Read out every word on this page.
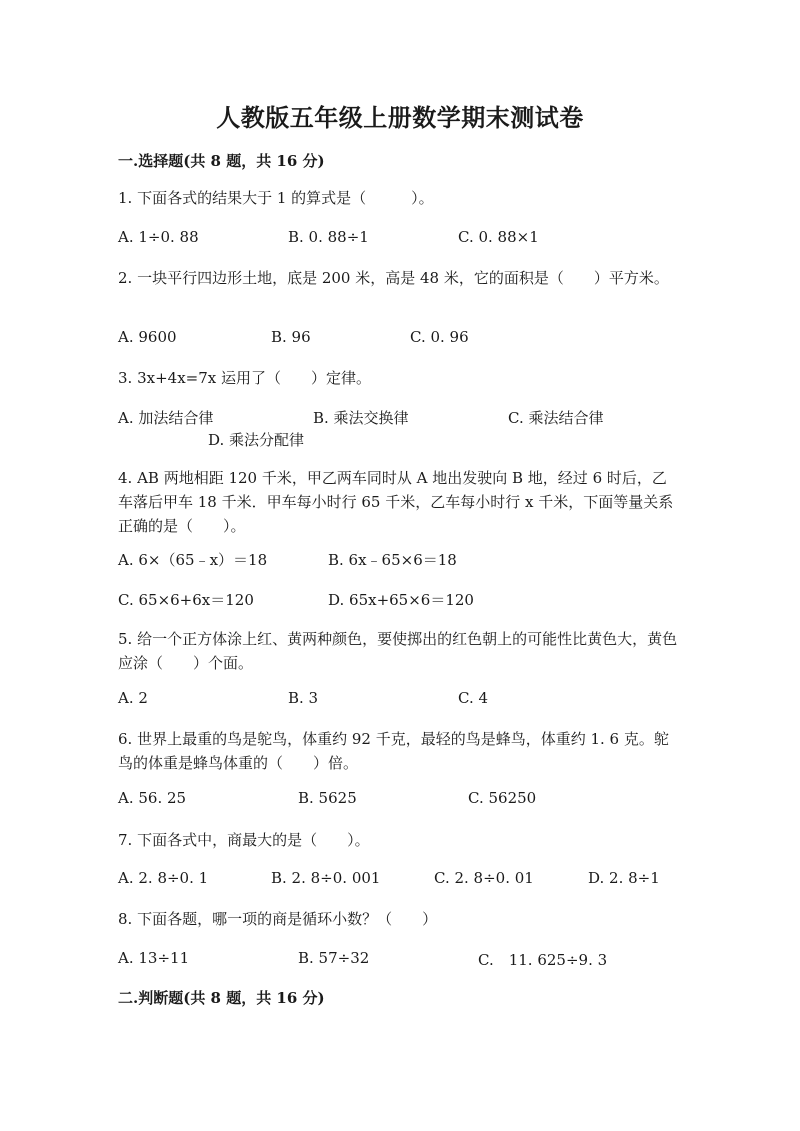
人教版五年级上册数学期末测试卷
一.选择题(共 8 题，共 16 分)
1. 下面各式的结果大于 1 的算式是（　　　）。
A. 1÷0. 88	B. 0. 88÷1	C. 0. 88×1
2. 一块平行四边形土地，底是 200 米，高是 48 米，它的面积是（　　）平方米。
A. 9600	B. 96	C. 0. 96
3. 3x+4x=7x 运用了（　　）定律。
A. 加法结合律	B. 乘法交换律	C. 乘法结合律
D. 乘法分配律
4. AB 两地相距 120 千米，甲乙两车同时从 A 地出发驶向 B 地，经过 6 时后，乙车落后甲车 18 千米．甲车每小时行 65 千米，乙车每小时行 x 千米，下面等量关系正确的是（　　）。
A. 6×（65﹣x）＝18	B. 6x﹣65×6＝18
C. 65×6+6x＝120	D. 65x+65×6＝120
5. 给一个正方体涂上红、黄两种颜色，要使掷出的红色朝上的可能性比黄色大，黄色应涂（　　）个面。
A. 2	B. 3	C. 4
6. 世界上最重的鸟是鸵鸟，体重约 92 千克，最轻的鸟是蜂鸟，体重约 1. 6 克。鸵鸟的体重是蜂鸟体重的（　　）倍。
A. 56. 25	B. 5625	C. 56250
7. 下面各式中，商最大的是（　　）。
A. 2. 8÷0. 1	B. 2. 8÷0. 001	C. 2. 8÷0. 01	D. 2. 8÷1
8. 下面各题，哪一项的商是循环小数？（　　）
A. 13÷11	B. 57÷32	C.　11. 625÷9. 3
二.判断题(共 8 题，共 16 分)
